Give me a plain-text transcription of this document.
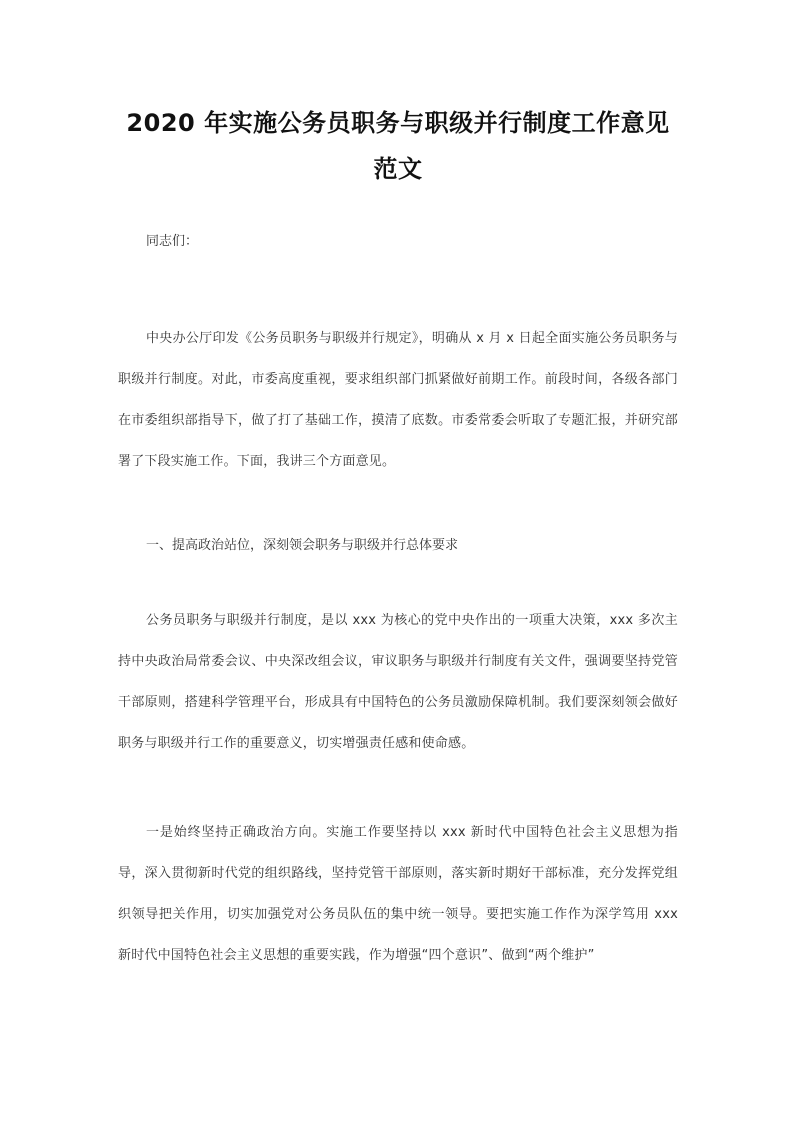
2020 年实施公务员职务与职级并行制度工作意见范文

同志们：

中央办公厅印发《公务员职务与职级并行规定》，明确从 x 月 x 日起全面实施公务员职务与职级并行制度。对此，市委高度重视，要求组织部门抓紧做好前期工作。前段时间，各级各部门在市委组织部指导下，做了打了基础工作，摸清了底数。市委常委会听取了专题汇报，并研究部署了下段实施工作。下面，我讲三个方面意见。

一、提高政治站位，深刻领会职务与职级并行总体要求

公务员职务与职级并行制度，是以 xxx 为核心的党中央作出的一项重大决策，xxx 多次主持中央政治局常委会议、中央深改组会议，审议职务与职级并行制度有关文件，强调要坚持党管干部原则，搭建科学管理平台，形成具有中国特色的公务员激励保障机制。我们要深刻领会做好职务与职级并行工作的重要意义，切实增强责任感和使命感。

一是始终坚持正确政治方向。实施工作要坚持以 xxx 新时代中国特色社会主义思想为指导，深入贯彻新时代党的组织路线，坚持党管干部原则，落实新时期好干部标准，充分发挥党组织领导把关作用，切实加强党对公务员队伍的集中统一领导。要把实施工作作为深学笃用 xxx 新时代中国特色社会主义思想的重要实践，作为增强“四个意识”、做到“两个维护”
